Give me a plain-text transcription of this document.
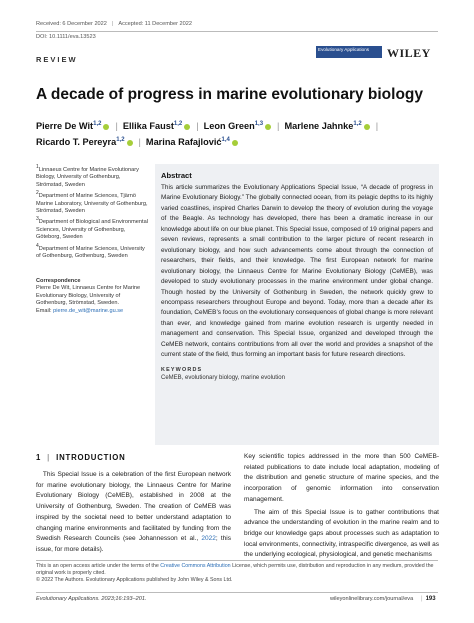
Received: 6 December 2022 | Accepted: 11 December 2022
DOI: 10.1111/eva.13523
Evolutionary Applications	WILEY
REVIEW
A decade of progress in marine evolutionary biology
Pierre De Wit$^{1,2}$ | Ellika Faust$^{1,2}$ | Leon Green$^{1,3}$ | Marlene Jahnke$^{1,2}$ |
Ricardo T. Pereyra$^{1,2}$ | Marina Rafajlović$^{1,4}$
$^1$Linnaeus Centre for Marine Evolutionary Biology, University of Gothenburg, Strömstad, Sweden
$^2$Department of Marine Sciences, Tjärnö Marine Laboratory, University of Gothenburg, Strömstad, Sweden
$^3$Department of Biological and Environmental Sciences, University of Gothenburg, Göteborg, Sweden
$^4$Department of Marine Sciences, University of Gothenburg, Gothenburg, Sweden
Correspondence
Pierre De Wit, Linnaeus Centre for Marine Evolutionary Biology, University of Gothenburg, Strömstad, Sweden.
Email: pierre.de_wit@marine.gu.se
Abstract
This article summarizes the Evolutionary Applications Special Issue, “A decade of progress in Marine Evolutionary Biology.” The globally connected ocean, from its pelagic depths to its highly varied coastlines, inspired Charles Darwin to develop the theory of evolution during the voyage of the Beagle. As technology has developed, there has been a dramatic increase in our knowledge about life on our blue planet. This Special Issue, composed of 19 original papers and seven reviews, represents a small contribution to the larger picture of recent research in evolutionary biology, and how such advancements come about through the connection of researchers, their fields, and their knowledge. The first European network for marine evolutionary biology, the Linnaeus Centre for Marine Evolutionary Biology (CeMEB), was developed to study evolutionary processes in the marine environment under global change. Though hosted by the University of Gothenburg in Sweden, the network quickly grew to encompass researchers throughout Europe and beyond. Today, more than a decade after its foundation, CeMEB’s focus on the evolutionary consequences of global change is more relevant than ever, and knowledge gained from marine evolution research is urgently needed in management and conservation. This Special Issue, organized and developed through the CeMEB network, contains contributions from all over the world and provides a snapshot of the current state of the field, thus forming an important basis for future research directions.
KEYWORDS
CeMEB, evolutionary biology, marine evolution
1 | INTRODUCTION
This Special Issue is a celebration of the first European network for marine evolutionary biology, the Linnaeus Centre for Marine Evolutionary Biology (CeMEB), established in 2008 at the University of Gothenburg, Sweden. The creation of CeMEB was inspired by the societal need to better understand adaptation to changing marine environments and facilitated by funding from the Swedish Research Councils (see Johannesson et al., 2022; this issue, for more details).
Key scientific topics addressed in the more than 500 CeMEB-related publications to date include local adaptation, modeling of the distribution and genetic structure of marine species, and the incorporation of genomic information into conservation management.
The aim of this Special Issue is to gather contributions that advance the understanding of evolution in the marine realm and to bridge our knowledge gaps about processes such as adaptation to local environments, connectivity, intraspecific divergence, as well as the underlying ecological, physiological, and genetic mechanisms
This is an open access article under the terms of the Creative Commons Attribution License, which permits use, distribution and reproduction in any medium, provided the original work is properly cited.
© 2022 The Authors. Evolutionary Applications published by John Wiley & Sons Ltd.
Evolutionary Applications. 2023;16:193–201.	wileyonlinelibrary.com/journal/eva | 193
